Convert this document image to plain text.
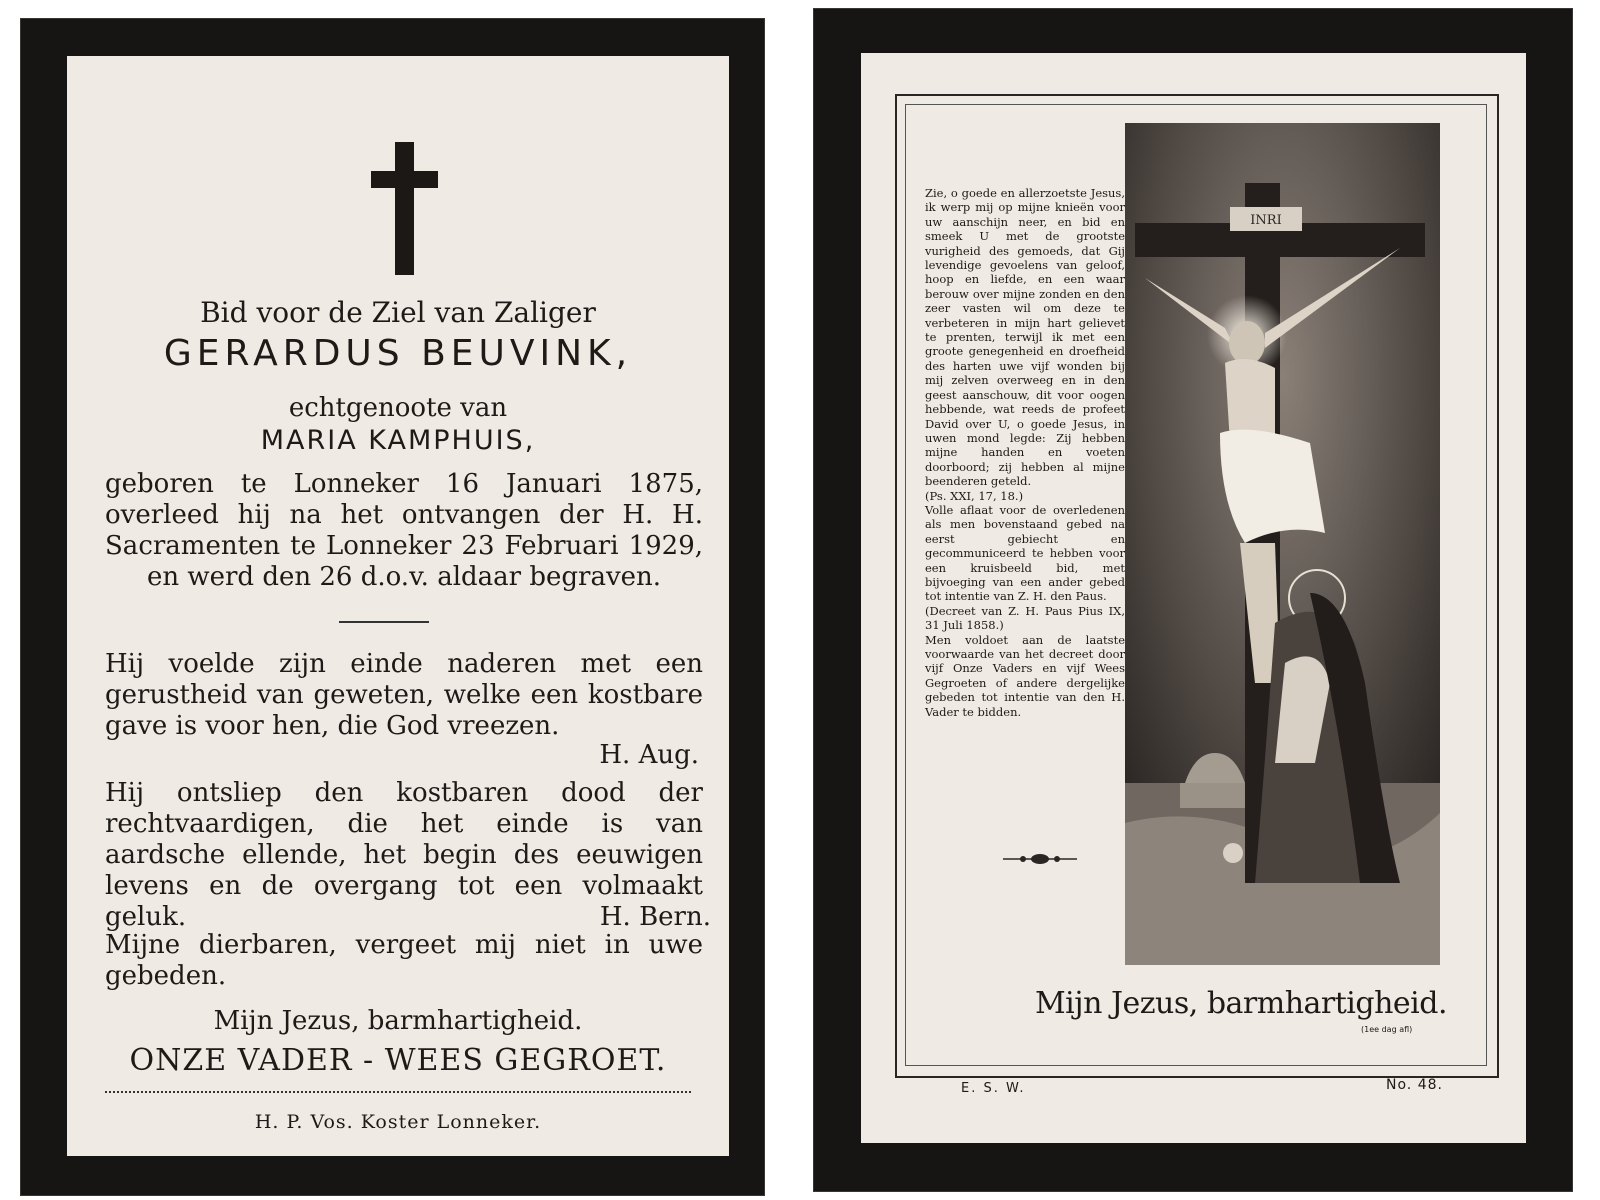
Bid voor de Ziel van Zaliger
GERARDUS BEUVINK,
echtgenoote van
MARIA KAMPHUIS,
geboren te Lonneker 16 Januari 1875, overleed hij na het ontvangen der H. H. Sacramenten te Lonneker 23 Februari 1929, en werd den 26 d.o.v. aldaar begraven.
Hij voelde zijn einde naderen met een gerustheid van geweten, welke een kostbare gave is voor hen, die God vreezen.
H. Aug.
Hij ontsliep den kostbaren dood der rechtvaardigen, die het einde is van aardsche ellende, het begin des eeuwigen levens en de overgang tot een volmaakt geluk.	H. Bern.
Mijne dierbaren, vergeet mij niet in uwe gebeden.
Mijn Jezus, barmhartigheid.
ONZE VADER - WEES GEGROET.
H. P. Vos. Koster Lonneker.
Zie, o goede en allerzoetste Jesus, ik werp mij op mijne knieën voor uw aanschijn neer, en bid en smeek U met de grootste vurigheid des gemoeds, dat Gij levendige gevoelens van geloof, hoop en liefde, en een waar berouw over mijne zonden en den zeer vasten wil om deze te verbeteren in mijn hart gelievet te prenten, terwijl ik met een groote genegenheid en droefheid des harten uwe vijf wonden bij mij zelven overweeg en in den geest aanschouw, dit voor oogen hebbende, wat reeds de profeet David over U, o goede Jesus, in uwen mond legde: Zij hebben mijne handen en voeten doorboord; zij hebben al mijne beenderen geteld.
(Ps. XXI, 17, 18.)
Volle aflaat voor de overledenen als men bovenstaand gebed na eerst gebiecht en gecommuniceerd te hebben voor een kruisbeeld bid, met bijvoeging van een ander gebed tot intentie van Z. H. den Paus.
(Decreet van Z. H. Paus Pius IX, 31 Juli 1858.)
Men voldoet aan de laatste voorwaarde van het decreet door vijf Onze Vaders en vijf Wees Gegroeten of andere dergelijke gebeden tot intentie van den H. Vader te bidden.
INRI
Mijn Jezus, barmhartigheid.
(1ee dag afl)
E. S. W.	No. 48.
